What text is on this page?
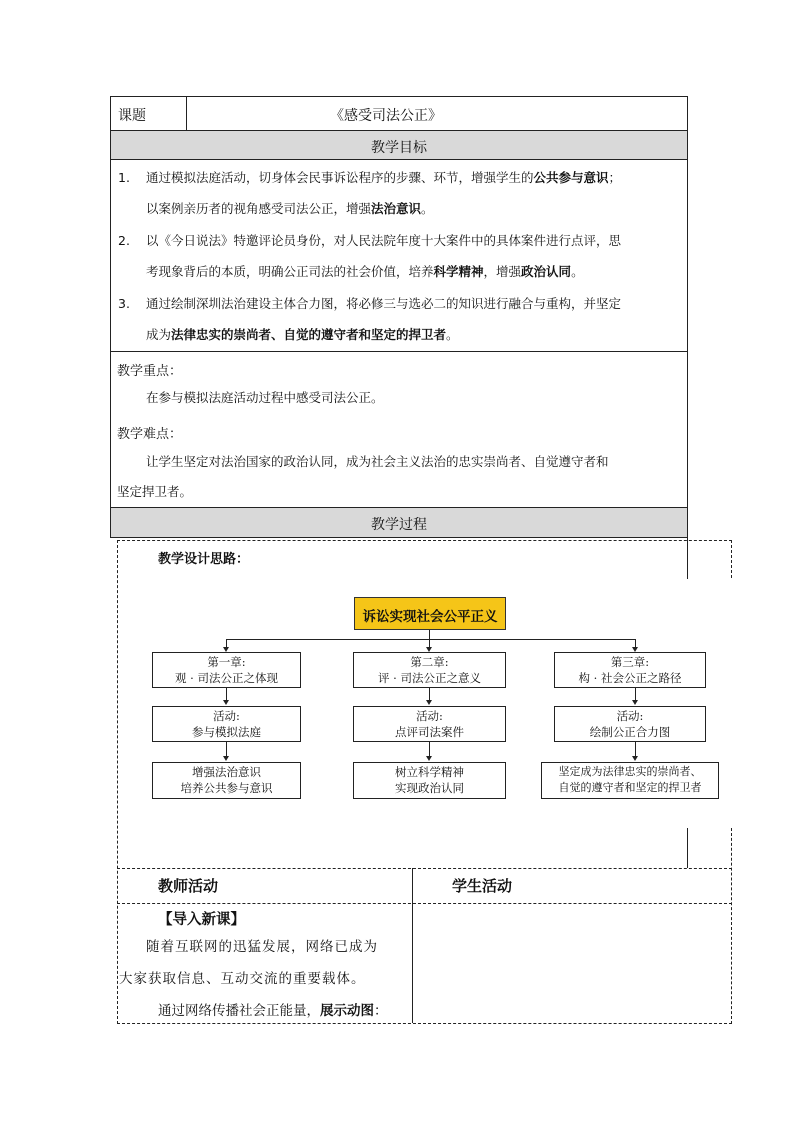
课题	《感受司法公正》
教学目标
1. 通过模拟法庭活动，切身体会民事诉讼程序的步骤、环节，增强学生的公共参与意识；
以案例亲历者的视角感受司法公正，增强法治意识。
2. 以《今日说法》特邀评论员身份，对人民法院年度十大案件中的具体案件进行点评，思
考现象背后的本质，明确公正司法的社会价值，培养科学精神，增强政治认同。
3. 通过绘制深圳法治建设主体合力图，将必修三与选必二的知识进行融合与重构，并坚定
成为法律忠实的崇尚者、自觉的遵守者和坚定的捍卫者。
教学重点：
在参与模拟法庭活动过程中感受司法公正。
教学难点：
让学生坚定对法治国家的政治认同，成为社会主义法治的忠实崇尚者、自觉遵守者和
坚定捍卫者。
教学过程
教学设计思路：
诉讼实现社会公平正义
第一章:
观 · 司法公正之体现
活动:
参与模拟法庭
增强法治意识
培养公共参与意识
第二章:
评 · 司法公正之意义
活动:
点评司法案件
树立科学精神
实现政治认同
第三章:
构 · 社会公正之路径
活动:
绘制公正合力图
坚定成为法律忠实的崇尚者、
自觉的遵守者和坚定的捍卫者
教师活动	学生活动
【导入新课】
随着互联网的迅猛发展，网络已成为
大家获取信息、互动交流的重要载体。
通过网络传播社会正能量，展示动图：
